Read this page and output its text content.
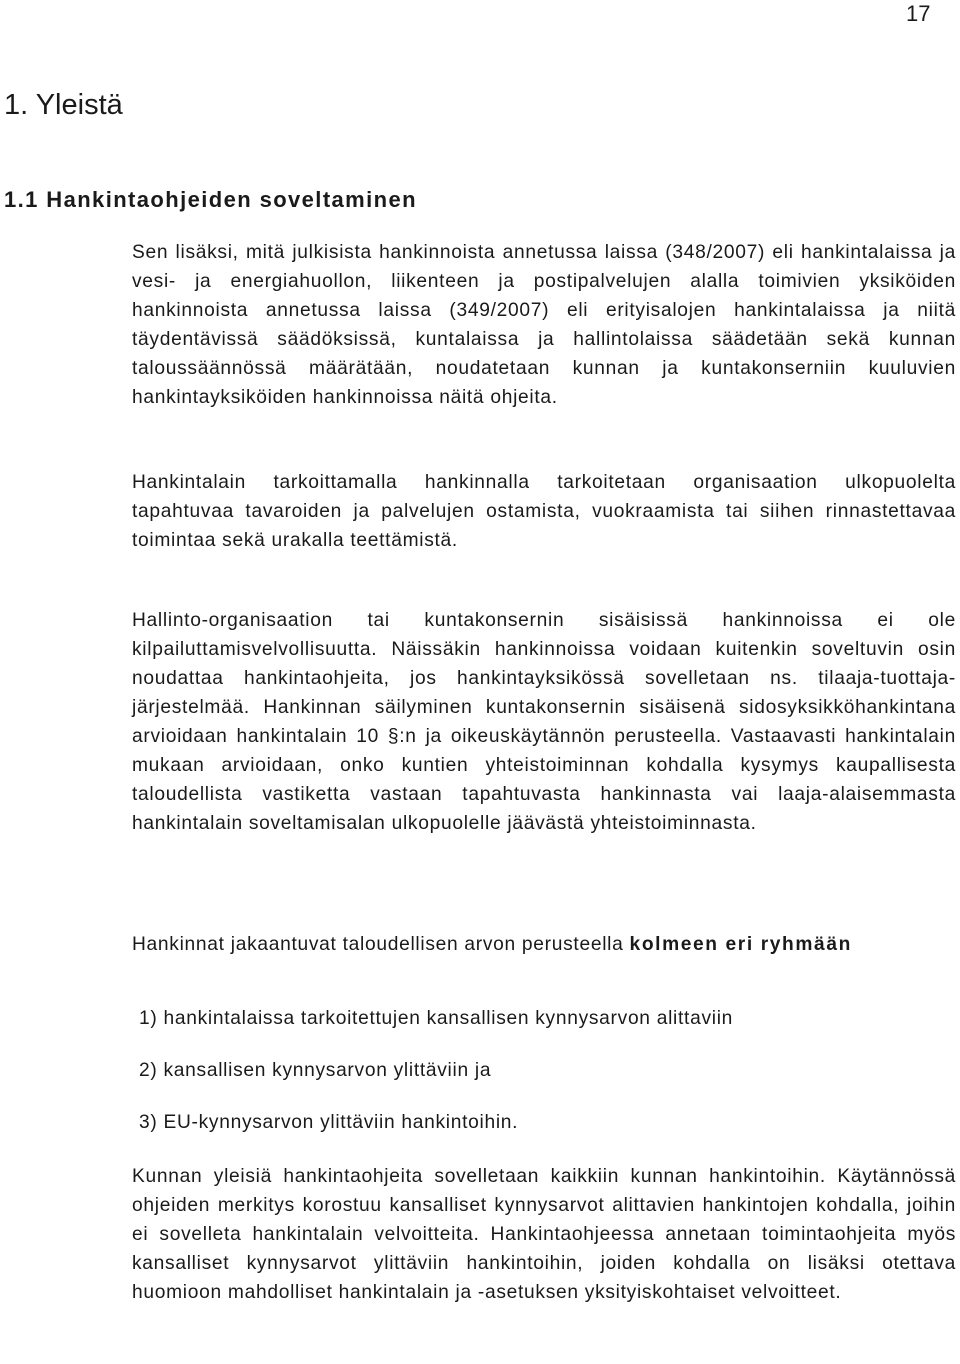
17
1. Yleistä
1.1 Hankintaohjeiden soveltaminen

Sen lisäksi, mitä julkisista hankinnoista annetussa laissa (348/2007) eli hankintalaissa ja vesi- ja energiahuollon, liikenteen ja postipalvelujen alalla toimivien yksiköiden hankinnoista annetussa laissa (349/2007) eli erityisalojen hankintalaissa ja niitä täydentävissä säädöksissä, kuntalaissa ja hallintolaissa säädetään sekä kunnan taloussäännössä määrätään, noudatetaan kunnan ja kuntakonserniin kuuluvien hankintayksiköiden hankinnoissa näitä ohjeita.

Hankintalain tarkoittamalla hankinnalla tarkoitetaan organisaation ulkopuolelta tapahtuvaa tavaroiden ja palvelujen ostamista, vuokraamista tai siihen rinnastettavaa toimintaa sekä urakalla teettämistä.

Hallinto-organisaation tai kuntakonsernin sisäisissä hankinnoissa ei ole kilpailuttamisvelvollisuutta. Näissäkin hankinnoissa voidaan kuitenkin soveltuvin osin noudattaa hankintaohjeita, jos hankintayksikössä sovelletaan ns. tilaaja-tuottaja- järjestelmää. Hankinnan säilyminen kuntakonsernin sisäisenä sidosyksikköhankintana arvioidaan hankintalain 10 §:n ja oikeuskäytännön perusteella. Vastaavasti hankintalain mukaan arvioidaan, onko kuntien yhteistoiminnan kohdalla kysymys kaupallisesta taloudellista vastiketta vastaan tapahtuvasta hankinnasta vai laaja-alaisemmasta hankintalain soveltamisalan ulkopuolelle jäävästä yhteistoiminnasta.

Hankinnat jakaantuvat taloudellisen arvon perusteella kolmeen eri ryhmään

1) hankintalaissa tarkoitettujen kansallisen kynnysarvon alittaviin
2) kansallisen kynnysarvon ylittäviin ja
3) EU-kynnysarvon ylittäviin hankintoihin.

Kunnan yleisiä hankintaohjeita sovelletaan kaikkiin kunnan hankintoihin. Käytännössä ohjeiden merkitys korostuu kansalliset kynnysarvot alittavien hankintojen kohdalla, joihin ei sovelleta hankintalain velvoitteita. Hankintaohjeessa annetaan toimintaohjeita myös kansalliset kynnysarvot ylittäviin hankintoihin, joiden kohdalla on lisäksi otettava huomioon mahdolliset hankintalain ja -asetuksen yksityiskohtaiset velvoitteet.
